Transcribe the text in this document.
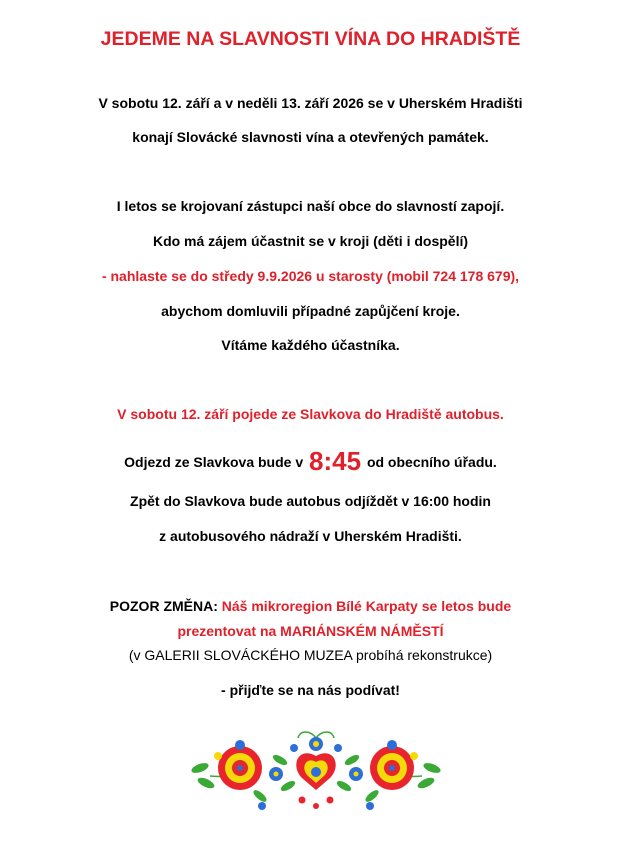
JEDEME NA SLAVNOSTI VÍNA DO HRADIŠTĚ
V sobotu 12. září a v neděli 13. září 2026 se v Uherském Hradišti
konají Slovácké slavnosti vína a otevřených památek.
I letos se krojovaní zástupci naší obce do slavností zapojí.
Kdo má zájem účastnit se v kroji (děti i dospělí)
- nahlaste se do středy 9.9.2026 u starosty (mobil 724 178 679),
abychom domluvili případné zapůjčení kroje.
Vítáme každého účastníka.
V sobotu 12. září pojede ze Slavkova do Hradiště autobus.
Odjezd ze Slavkova bude v 8:45 od obecního úřadu.
Zpět do Slavkova bude autobus odjíždět v 16:00 hodin
z autobusového nádraží v Uherském Hradišti.
POZOR ZMĚNA: Náš mikroregion Bílé Karpaty se letos bude
prezentovat na MARIÁNSKÉM NÁMĚSTÍ
(v GALERII SLOVÁCKÉHO MUZEA probíhá rekonstrukce)
- přijďte se na nás podívat!
